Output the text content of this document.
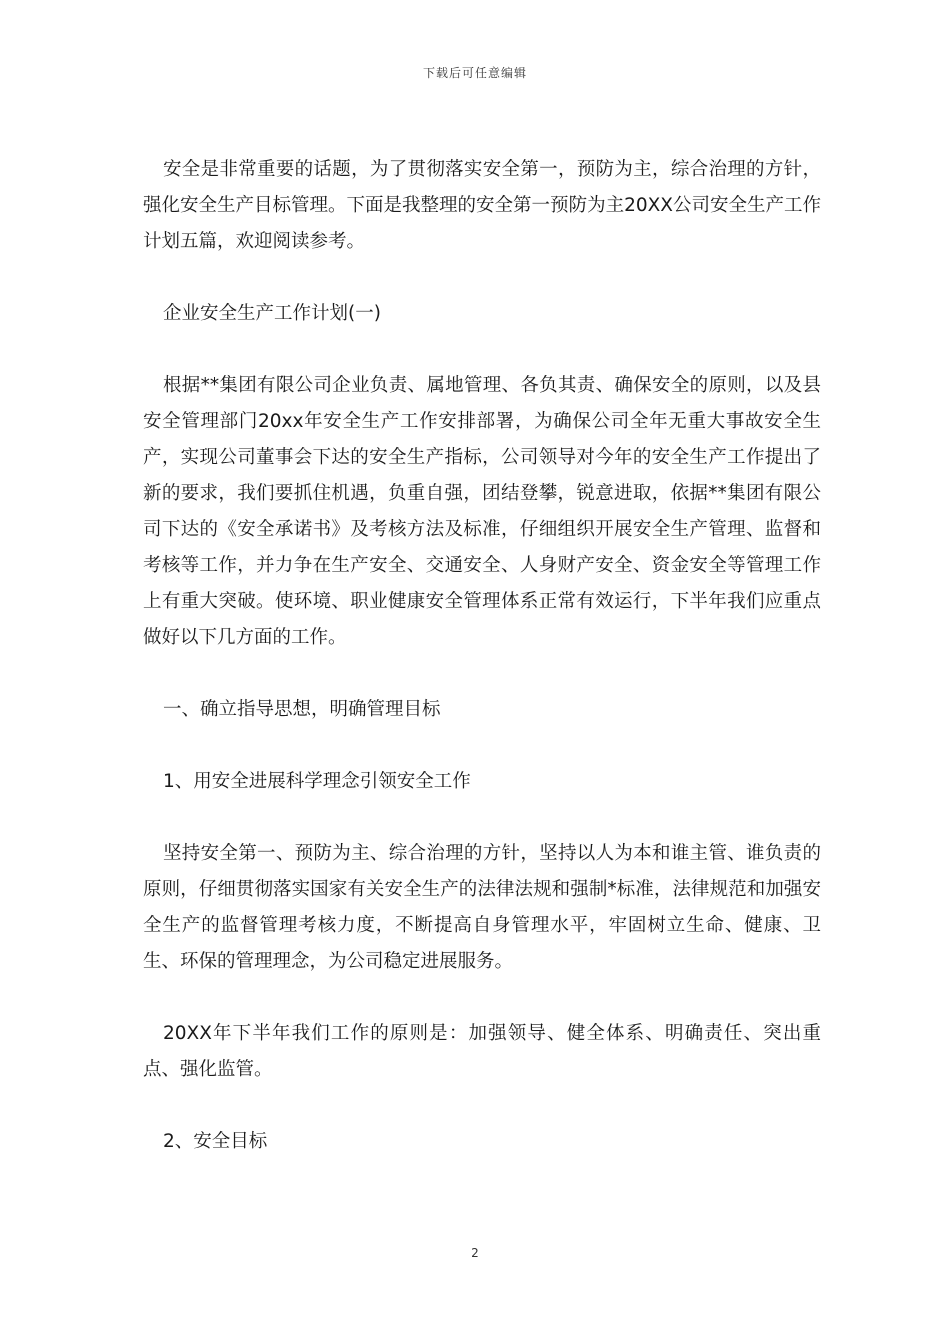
下载后可任意编辑

安全是非常重要的话题，为了贯彻落实安全第一，预防为主，综合治理的方针，强化安全生产目标管理。下面是我整理的安全第一预防为主20XX公司安全生产工作计划五篇，欢迎阅读参考。

企业安全生产工作计划(一)

根据**集团有限公司企业负责、属地管理、各负其责、确保安全的原则，以及县安全管理部门20xx年安全生产工作安排部署，为确保公司全年无重大事故安全生产，实现公司董事会下达的安全生产指标，公司领导对今年的安全生产工作提出了新的要求，我们要抓住机遇，负重自强，团结登攀，锐意进取，依据**集团有限公司下达的《安全承诺书》及考核方法及标准，仔细组织开展安全生产管理、监督和考核等工作，并力争在生产安全、交通安全、人身财产安全、资金安全等管理工作上有重大突破。使环境、职业健康安全管理体系正常有效运行，下半年我们应重点做好以下几方面的工作。

一、确立指导思想，明确管理目标

1、用安全进展科学理念引领安全工作

坚持安全第一、预防为主、综合治理的方针，坚持以人为本和谁主管、谁负责的原则，仔细贯彻落实国家有关安全生产的法律法规和强制*标准，法律规范和加强安全生产的监督管理考核力度，不断提高自身管理水平，牢固树立生命、健康、卫生、环保的管理理念，为公司稳定进展服务。

20XX年下半年我们工作的原则是：加强领导、健全体系、明确责任、突出重点、强化监管。

2、安全目标

2
